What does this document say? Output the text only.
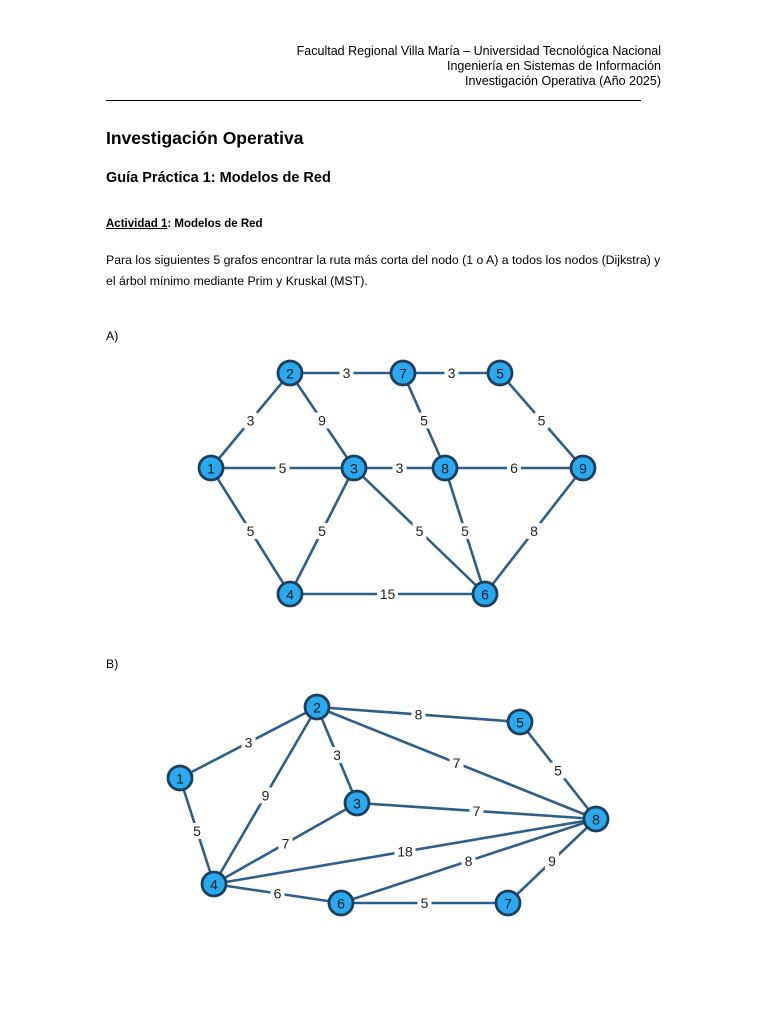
Facultad Regional Villa María – Universidad Tecnológica Nacional
Ingeniería en Sistemas de Información
Investigación Operativa (Año 2025)
Investigación Operativa
Guía Práctica 1: Modelos de Red
Actividad 1: Modelos de Red
Para los siguientes 5 grafos encontrar la ruta más corta del nodo (1 o A) a todos los nodos (Dijkstra) y el árbol mínimo mediante Prim y Kruskal (MST).
A)
3
3	3
9	5	5
5	3	6
5	5	5	5	8
15
1
2
3
4
5
6
7
8	9
B)
3
8
3	7	5
5
9
7
7	18
8
6
5
9
1
2
3
4
5
6	7
8
